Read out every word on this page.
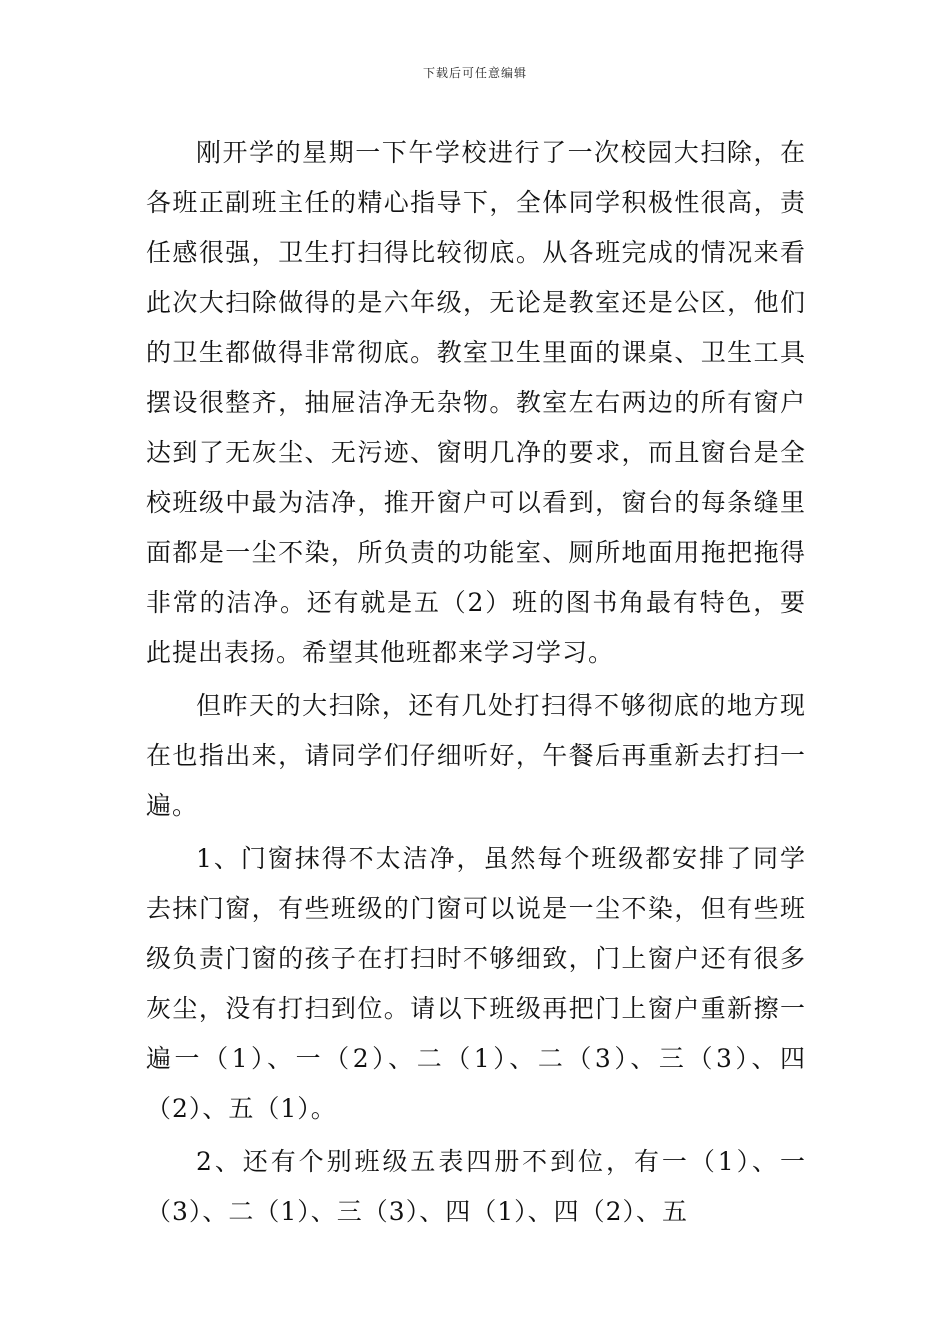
下载后可任意编辑

刚开学的星期一下午学校进行了一次校园大扫除，在各班正副班主任的精心指导下，全体同学积极性很高，责任感很强，卫生打扫得比较彻底。从各班完成的情况来看此次大扫除做得的是六年级，无论是教室还是公区，他们的卫生都做得非常彻底。教室卫生里面的课桌、卫生工具摆设很整齐，抽屉洁净无杂物。教室左右两边的所有窗户达到了无灰尘、无污迹、窗明几净的要求，而且窗台是全校班级中最为洁净，推开窗户可以看到，窗台的每条缝里面都是一尘不染，所负责的功能室、厕所地面用拖把拖得非常的洁净。还有就是五（2）班的图书角最有特色，要此提出表扬。希望其他班都来学习学习。

但昨天的大扫除，还有几处打扫得不够彻底的地方现在也指出来，请同学们仔细听好，午餐后再重新去打扫一遍。

1、门窗抹得不太洁净，虽然每个班级都安排了同学去抹门窗，有些班级的门窗可以说是一尘不染，但有些班级负责门窗的孩子在打扫时不够细致，门上窗户还有很多灰尘，没有打扫到位。请以下班级再把门上窗户重新擦一遍一（1）、一（2）、二（1）、二（3）、三（3）、四（2）、五（1）。

2、还有个别班级五表四册不到位，有一（1）、一（3）、二（1）、三（3）、四（1）、四（2）、五
